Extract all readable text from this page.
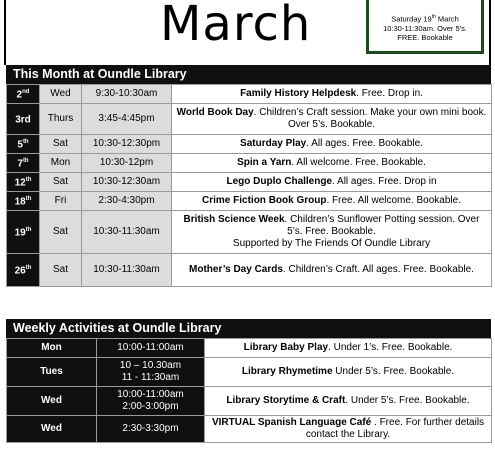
March	Saturday 19th March
10:30-11:30am. Over 5's.
FREE. Bookable
This Month at Oundle Library
2nd	Wed	9:30-10:30am	Family History Helpdesk. Free. Drop in.
3rd	Thurs	3:45-4:45pm	World Book Day. Children’s Craft session. Make your own mini book. Over 5’s. Bookable.
5th	Sat	10:30-12:30pm	Saturday Play. All ages. Free. Bookable.
7th	Mon	10:30-12pm	Spin a Yarn. All welcome. Free. Bookable.
12th	Sat	10:30-12:30am	Lego Duplo Challenge. All ages. Free. Drop in
18th	Fri	2:30-4:30pm	Crime Fiction Book Group. Free. All welcome. Bookable.
19th	Sat	10:30-11:30am	British Science Week. Children’s Sunflower Potting session. Over 5’s. Free. Bookable.
Supported by The Friends Of Oundle Library
26th	Sat	10:30-11:30am	Mother’s Day Cards. Children’s Craft. All ages. Free. Bookable.
Weekly Activities at Oundle Library
Mon	10:00-11:00am	Library Baby Play. Under 1’s. Free. Bookable.
Tues	10 – 10.30am
11 - 11:30am	Library Rhymetime Under 5’s. Free. Bookable.
Wed	10:00-11:00am
2:00-3:00pm	Library Storytime & Craft. Under 5’s. Free. Bookable.
Wed	2:30-3:30pm	VIRTUAL Spanish Language Café . Free. For further details contact the Library.
